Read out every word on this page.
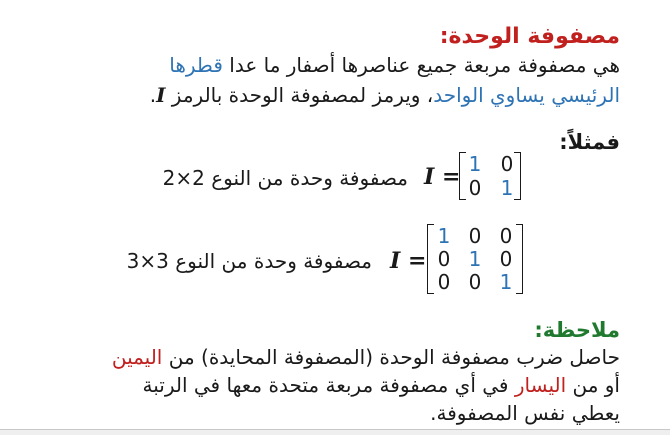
مصفوفة الوحدة:
هي مصفوفة مربعة جميع عناصرها أصفار ما عدا قطرها
الرئيسي يساوي الواحد، ويرمز لمصفوفة الوحدة بالرمز I.
فمثلاً:
مصفوفة وحدة من النوع 2×2 I = 1 0
0 1
مصفوفة وحدة من النوع 3×3 I =
1 0 0
0 1 0
0 0 1
ملاحظة:
حاصل ضرب مصفوفة الوحدة (المصفوفة المحايدة) من اليمين
أو من اليسار في أي مصفوفة مربعة متحدة معها في الرتبة
يعطي نفس المصفوفة.
